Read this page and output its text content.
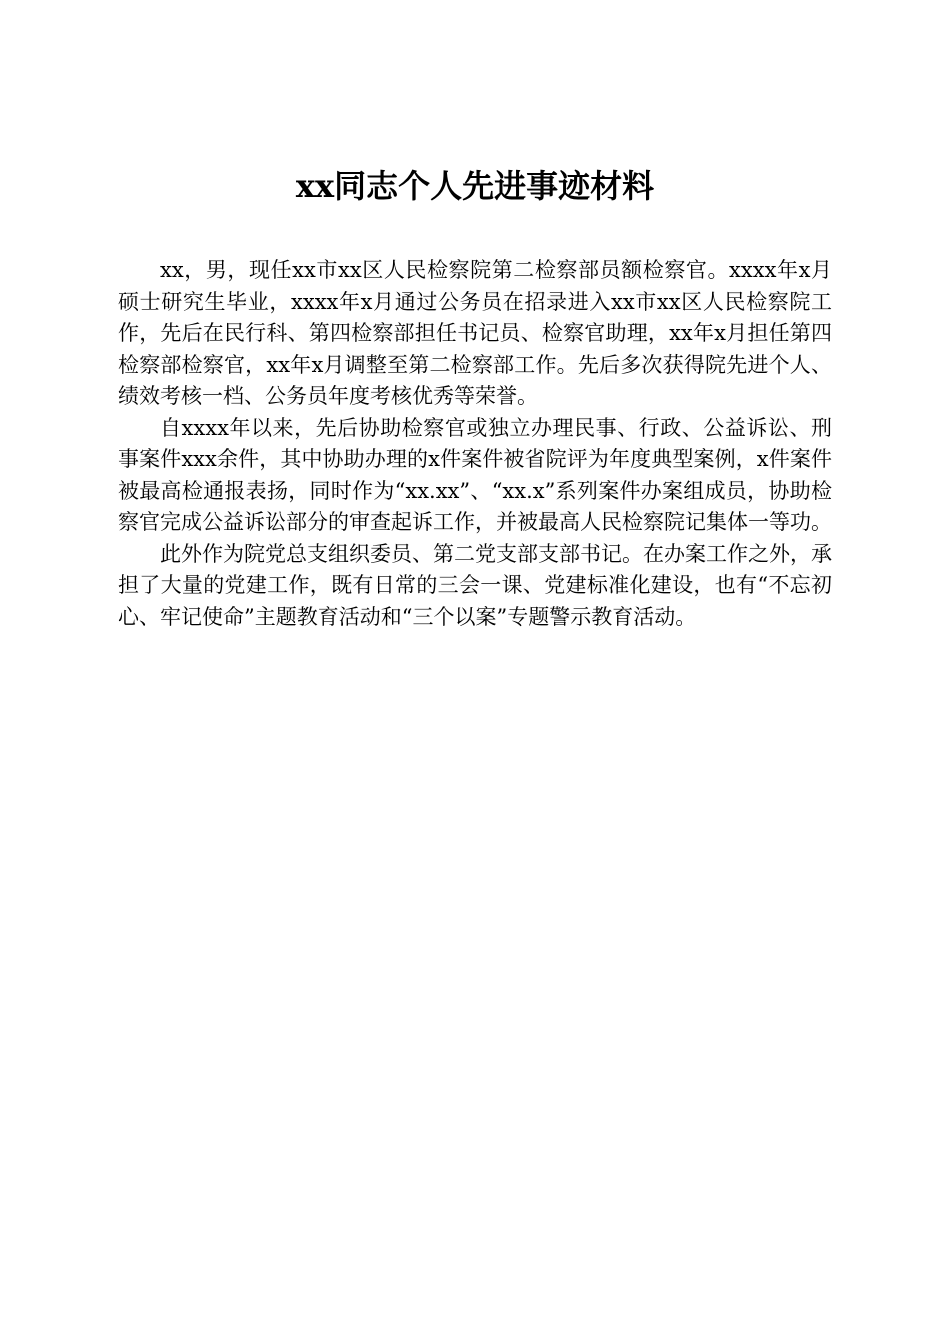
xx同志个人先进事迹材料

xx，男，现任xx市xx区人民检察院第二检察部员额检察官。xxxx年x月硕士研究生毕业，xxxx年x月通过公务员在招录进入xx市xx区人民检察院工作，先后在民行科、第四检察部担任书记员、检察官助理，xx年x月担任第四检察部检察官，xx年x月调整至第二检察部工作。先后多次获得院先进个人、绩效考核一档、公务员年度考核优秀等荣誉。

自xxxx年以来，先后协助检察官或独立办理民事、行政、公益诉讼、刑事案件xxx余件，其中协助办理的x件案件被省院评为年度典型案例，x件案件被最高检通报表扬，同时作为“xx.xx”、“xx.x”系列案件办案组成员，协助检察官完成公益诉讼部分的审查起诉工作，并被最高人民检察院记集体一等功。

此外作为院党总支组织委员、第二党支部支部书记。在办案工作之外，承担了大量的党建工作，既有日常的三会一课、党建标准化建设，也有“不忘初心、牢记使命”主题教育活动和“三个以案”专题警示教育活动。
